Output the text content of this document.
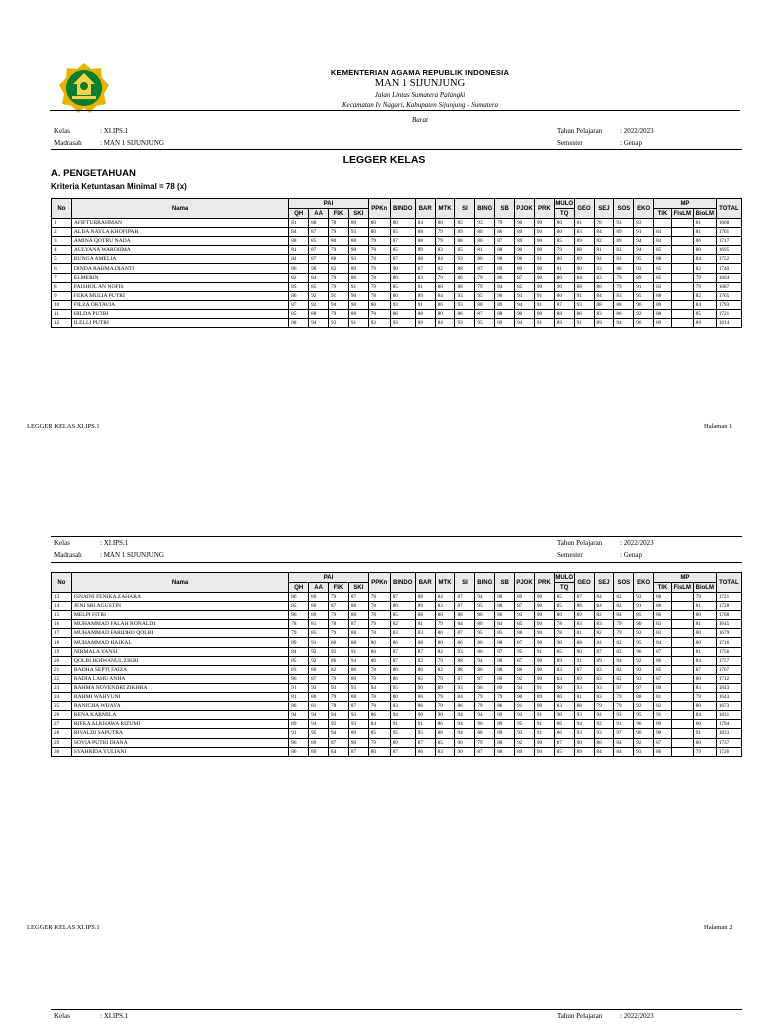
KEMENTERIAN AGAMA REPUBLIK INDONESIA
MAN 1 SIJUNJUNG
Jalan Lintas Sumatera Palangki
Kecamatan Iv Nagari, Kabupaten Sijunjung - Sumatera
Barat
Kelas	: XI.IPS.1
Madrasah	: MAN 1 SIJUNJUNG
Tahun Pelajaran	: 2022/2023
Semester	: Genap
LEGGER KELAS
A. PENGETAHUAN
Kriteria Ketuntasan Minimal = 78 (x)
No	Nama	PAI				PPKn	BINDO	BAR	MTK	SI	BING	SB	PJOK	PRK	MULO	GEO	SEJ	SOS	EKO	MP			TOTAL
		QH	AA	FIK	SKI										TQ					TIK	FisLM	BioLM	
1	AFIFTURRAHMAN	81	80	78	89	80	80	84	80	85	93	79	90	90	80	81	78	93	83			81	1668
2	ALDA NAYLA KHOFIPAH	84	87	79	93	80	85	88	79	89	80	86	89	90	80	83	84	89	91	84		81	1701
3	AMINA QOTRU NADA	88	85	80	88	79	87	88	79	88	80	87	89	90	85	89	82	89	94	84		86	1717
4	AULYANA WAROHMA	81	87	79	90	78	85	89	83	85	81	88	90	90	79	88	81	82	94	85		80	1695
5	BUNGA AMELIA	84	87	88	93	78	87	88	84	93	80	90	96	91	80	89	94	83	95	88		84	1752
6	DINDA RAHMA DIANTI	86	90	82	89	79	90	87	82	88	87	89	89	90	81	90	93	88	93	85		82	1740
7	ELMERIN	82	84	79	86	78	86	83	79	86	79	86	87	90	80	84	83	79	89	85		79	1664
8	FAISHOL AN NOFIS	85	85	79	91	79	85	81	80	88	79	84	85	90	90	88	86	79	91	83		79	1687
9	FERA MULIA PUTRI	86	92	91	90	78	80	89	84	93	95	90	93	91	80	91	84	83	95	88		82	1765
10	FILZA OKTAVIA	87	92	94	90	80	93	91	86	93	88	89	94	91	87	93	88	88	96	89		84	1793
11	HILDA PUTRI	85	88	79	88	78	86	88	80	86	87	88	90	90	88	86	83	86	92	88		85	1721
12	ILELLI PUTRI	88	94	93	91	83	93	89	84	93	95	89	94	91	89	91	89	94	96	89		89	1814
LEGGER KELAS XI.IPS.1	Halaman 1
Kelas	: XI.IPS.1
Madrasah	: MAN 1 SIJUNJUNG
Tahun Pelajaran	: 2022/2023
Semester	: Genap
No	Nama	PAI				PPKn	BINDO	BAR	MTK	SI	BING	SB	PJOK	PRK	MULO	GEO	SEJ	SOS	EKO	MP			TOTAL
		QH	AA	FIK	SKI										TQ					TIK	FisLM	BioLM	
13	ISNAINI FENIKA ZAHARA	86	86	79	87	78	87	88	84	87	94	88	89	90	85	87	84	82	93	88		79	1721
14	JENI SRI AGUSTIN	85	86	87	88	78	86	89	83	87	95	88	87	90	85	88	84	82	91	86		81	1728
15	MELPI FITRI	86	89	79	88	78	85	88	80	88	86	86	93	90	80	89	82	84	85	86		80	1708
16	MUHAMMAD FALAH RONALDI	78	81	78	87	79	82	81	79	84	80	84	85	90	78	83	83	79	90	83		81	1645
17	MUHAMMAD FARIDHO QOLBI	79	85	79	88	78	83	83	80	87	95	85	88	90	78	81	82	79	93	83		80	1679
18	MUHAMMAD HAIKAL	89	91	80	88	80	86	88	80	86	80	88	87	90	90	88	84	82	95	84		80	1716
19	NIRMALA YANSI	84	92	93	91	80	87	87	82	93	86	87	95	91	85	90	87	82	96	87		81	1756
20	QOLBI IKHWANUL ZIKRI	85	92	86	94	80	87	82	79	88	94	88	87	90	89	91	89	94	92	86		84	1757
21	RADHA SEPTI FAIZA	83	86	82	86	78	86	86	82	88	86	88	86	90	83	87	83	82	93	85		87	1707
22	RADIA LAHU ANHA	86	87	79	89	79	86	85	79	87	87	89	92	90	83	89	83	82	93	87		80	1712
23	RAHMA NOVENDRI ZIKHRA	91	93	93	93	94	95	90	89	93	96	89	94	91	90	93	93	97	97	89		83	1843
24	RAHMI WAHYUNI	81	80	79	88	78	80	86	79	84	79	79	90	89	80	81	83	79	88	81		79	1643
25	RANICHA WIJAYA	86	81	78	87	78	83	86	79	86	79	86	91	90	83	88	79	79	92	82		80	1673
26	RENA KARMILA	94	94	94	93	86	94	90	90	94	94	89	93	91	90	93	94	93	95	91		84	1831
27	RIFKA ALKHAWA RIZUMI	89	94	93	93	84	91	91	86	94	96	89	95	91	86	94	92	91	96	89		60	1794
28	RIVALDI SAPUTRA	91	95	94	89	85	95	95	88	94	88	89	93	91	86	93	93	97	96	90		91	1833
29	SOVIA PUTRI DIANA	86	89	87	90	79	89	87	85	90	79	88	92	90	87	90	86	84	92	87		80	1737
30	SYAHRIDA YULIANI	86	89	84	87	80	87	86	83	90	87	88	89	90	85	89	84	84	93	86		79	1726
LEGGER KELAS XI.IPS.1	Halaman 2
Kelas	: XI.IPS.1	Tahun Pelajaran	: 2022/2023
